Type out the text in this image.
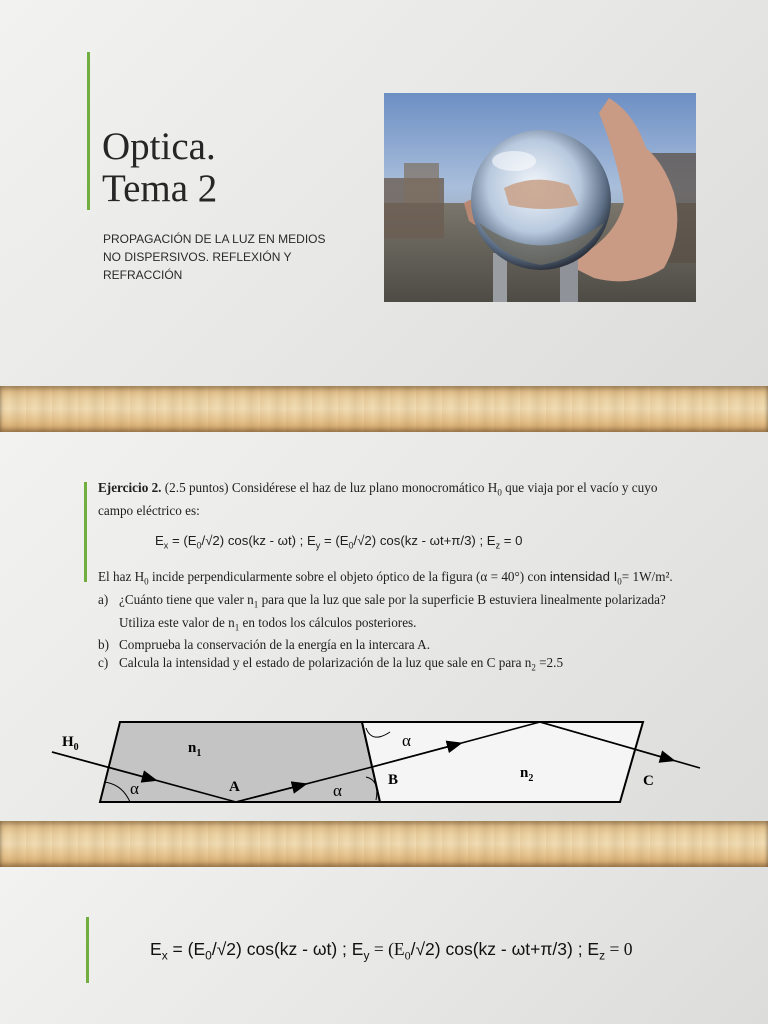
Optica.
Tema 2
PROPAGACIÓN DE LA LUZ EN MEDIOS
NO DISPERSIVOS. REFLEXIÓN Y
REFRACCIÓN

Ejercicio 2. (2.5 puntos) Considérese el haz de luz plano monocromático $H_0$ que viaja por el vacío y cuyo

campo eléctrico es:

$E_x = (E_0/√2)$ cos(kz - ωt) ; $E_y = (E_0/√2)$ cos(kz - ωt+π/3) ; $E_z = 0$

El haz $H_0$ incide perpendicularmente sobre el objeto óptico de la figura (α = 40°) con intensidad $I_0= 1W/m^2$.

a) ¿Cuánto tiene que valer $n_1$ para que la luz que sale por la superficie B estuviera linealmente polarizada?
Utiliza este valor de $n_1$ en todos los cálculos posteriores.
b) Comprueba la conservación de la energía en la intercara A.
c) Calcula la intensidad y el estado de polarización de la luz que sale en C para $n_2 =2.5$
$H_0$	$n_1$
$n_2$
A	B	C
α	α
α
$E_x = (E_0/√2)$ cos(kz - ωt) ; $E_y = (E_0/√2)$ cos(kz - ωt+π/3) ; $E_z = 0$
